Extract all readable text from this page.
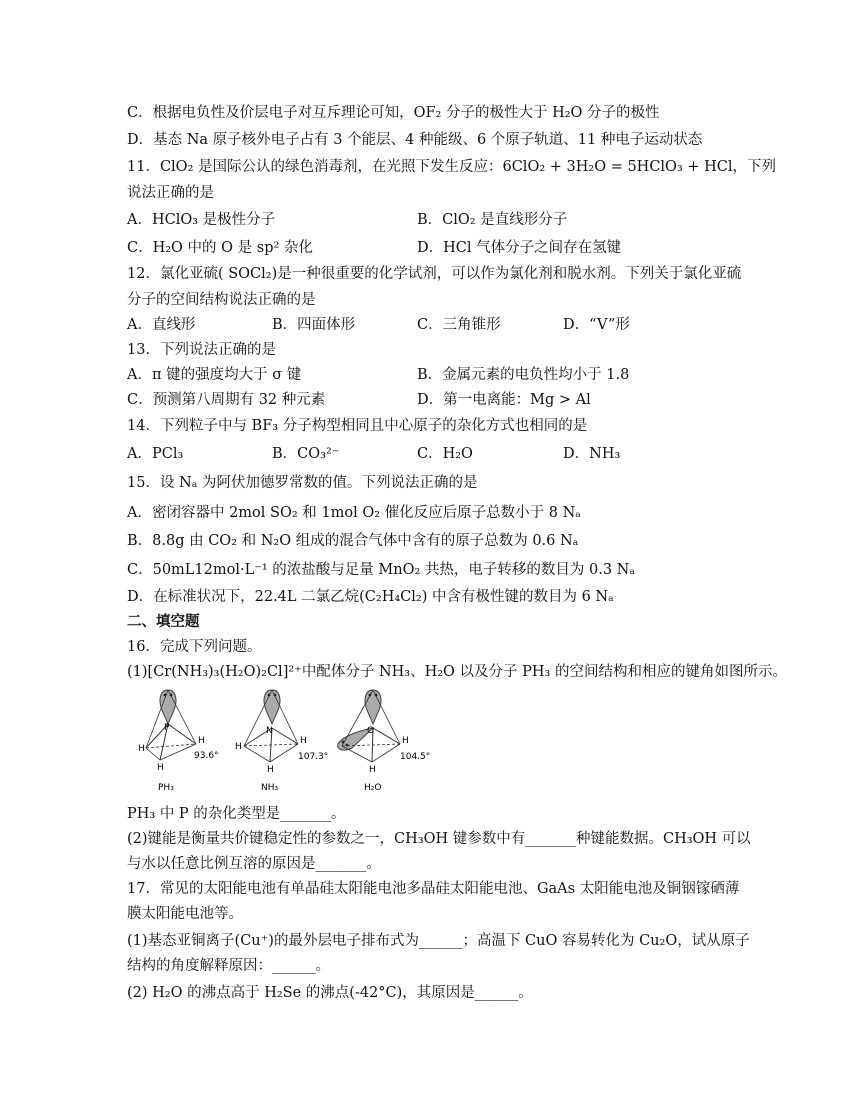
C．根据电负性及价层电子对互斥理论可知，OF₂ 分子的极性大于 H₂O 分子的极性
D．基态 Na 原子核外电子占有 3 个能层、4 种能级、6 个原子轨道、11 种电子运动状态
11．ClO₂ 是国际公认的绿色消毒剂，在光照下发生反应：6ClO₂ + 3H₂O = 5HClO₃ + HCl，下列
说法正确的是
A．HClO₃ 是极性分子	B．ClO₂ 是直线形分子
C．H₂O 中的 O 是 sp² 杂化	D．HCl 气体分子之间存在氢键
12．氯化亚硫( SOCl₂)是一种很重要的化学试剂，可以作为氯化剂和脱水剂。下列关于氯化亚硫
分子的空间结构说法正确的是
A．直线形	B．四面体形	C．三角锥形	D．“V”形
13．下列说法正确的是
A．π 键的强度均大于 σ 键	B．金属元素的电负性均小于 1.8
C．预测第八周期有 32 种元素	D．第一电离能：Mg > Al
14．下列粒子中与 BF₃ 分子构型相同且中心原子的杂化方式也相同的是
A．PCl₃	B．CO₃²⁻	C．H₂O	D．NH₃
15．设 Nₐ 为阿伏加德罗常数的值。下列说法正确的是
A．密闭容器中 2mol SO₂ 和 1mol O₂ 催化反应后原子总数小于 8 Nₐ
B．8.8g 由 CO₂ 和 N₂O 组成的混合气体中含有的原子总数为 0.6 Nₐ
C．50mL12mol·L⁻¹ 的浓盐酸与足量 MnO₂ 共热，电子转移的数目为 0.3 Nₐ
D．在标准状况下，22.4L 二氯乙烷(C₂H₄Cl₂) 中含有极性键的数目为 6 Nₐ
二、填空题
16．完成下列问题。
(1)[Cr(NH₃)₃(H₂O)₂Cl]²⁺中配体分子 NH₃、H₂O 以及分子 PH₃ 的空间结构和相应的键角如图所示。
P
H
H
H
93.6°
PH₃
N
H
H
H
107.3°
NH₃
O
H
H
104.5°
H₂O
PH₃ 中 P 的杂化类型是_______。
(2)键能是衡量共价键稳定性的参数之一，CH₃OH 键参数中有_______种键能数据。CH₃OH 可以
与水以任意比例互溶的原因是_______。
17．常见的太阳能电池有单晶硅太阳能电池多晶硅太阳能电池、GaAs 太阳能电池及铜铟镓硒薄
膜太阳能电池等。
(1)基态亚铜离子(Cu⁺)的最外层电子排布式为______；高温下 CuO 容易转化为 Cu₂O，试从原子
结构的角度解释原因：______。
(2) H₂O 的沸点高于 H₂Se 的沸点(-42°C)，其原因是______。
